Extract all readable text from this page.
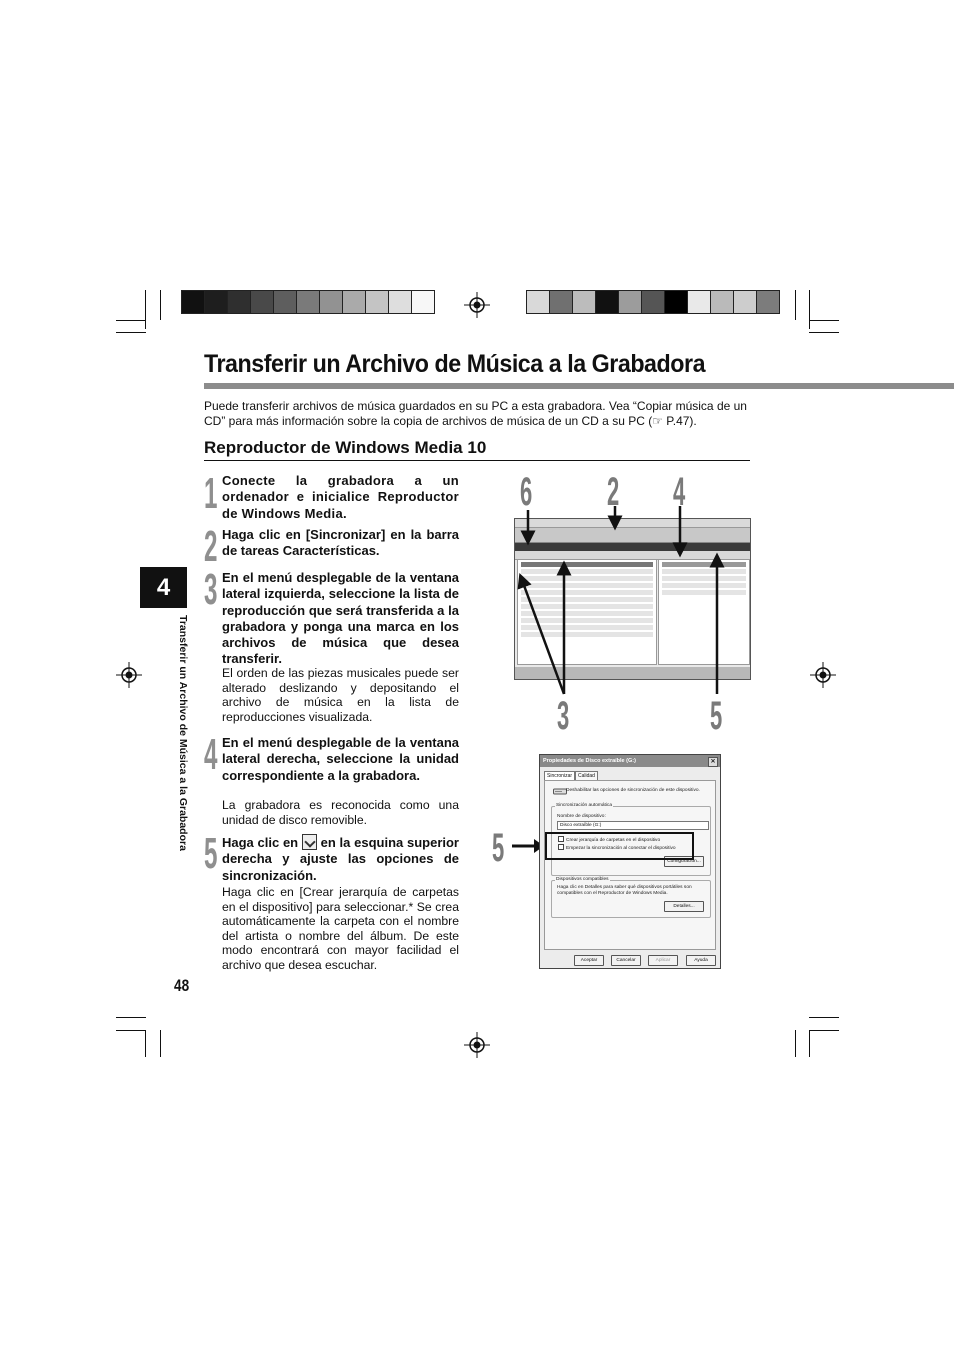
Transferir un Archivo de Música a la Grabadora
Puede transferir archivos de música guardados en su PC a esta grabadora. Vea “Copiar música de un CD” para más información sobre la copia de archivos de música de un CD a su PC (☞ P.47).
Reproductor de Windows Media 10
4
Transferir un Archivo de Música a la Grabadora
48
1 Conecte la grabadora a un ordenador e inicialice Reproductor de Windows Media.
2 Haga clic en [Sincronizar] en la barra de tareas Características.
3 En el menú desplegable de la ventana lateral izquierda, seleccione la lista de reproducción que será transferida a la grabadora y ponga una marca en los archivos de música que desea transferir.
El orden de las piezas musicales puede ser alterado deslizando y depositando el archivo de música en la lista de reproducciones visualizada.
4 En el menú desplegable de la ventana lateral derecha, seleccione la unidad correspondiente a la grabadora.
La grabadora es reconocida como una unidad de disco removible.
5 Haga clic en en la esquina superior derecha y ajuste las opciones de sincronización.
Haga clic en [Crear jerarquía de carpetas en el dispositivo] para seleccionar.* Se crea automáticamente la carpeta con el nombre del artista o nombre del álbum. De este modo encontrará con mayor facilidad el archivo que desea escuchar.
6 2 4
3	5
5
Propiedades de Disco extraíble (G:)	✕
Sincronizar	Calidad
Deshabilitar las opciones de sincronización de este dispositivo.
Sincronización automática
Nombre de dispositivo:
Disco extraíble (G:)
Crear jerarquía de carpetas en el dispositivo
Empezar la sincronización al conectar el dispositivo
Configuración...
Dispositivos compatibles
Haga clic en Detalles para saber qué dispositivos portátiles son
compatibles con el Reproductor de Windows Media.
Detalles...
Aceptar	Cancelar	Aplicar	Ayuda
